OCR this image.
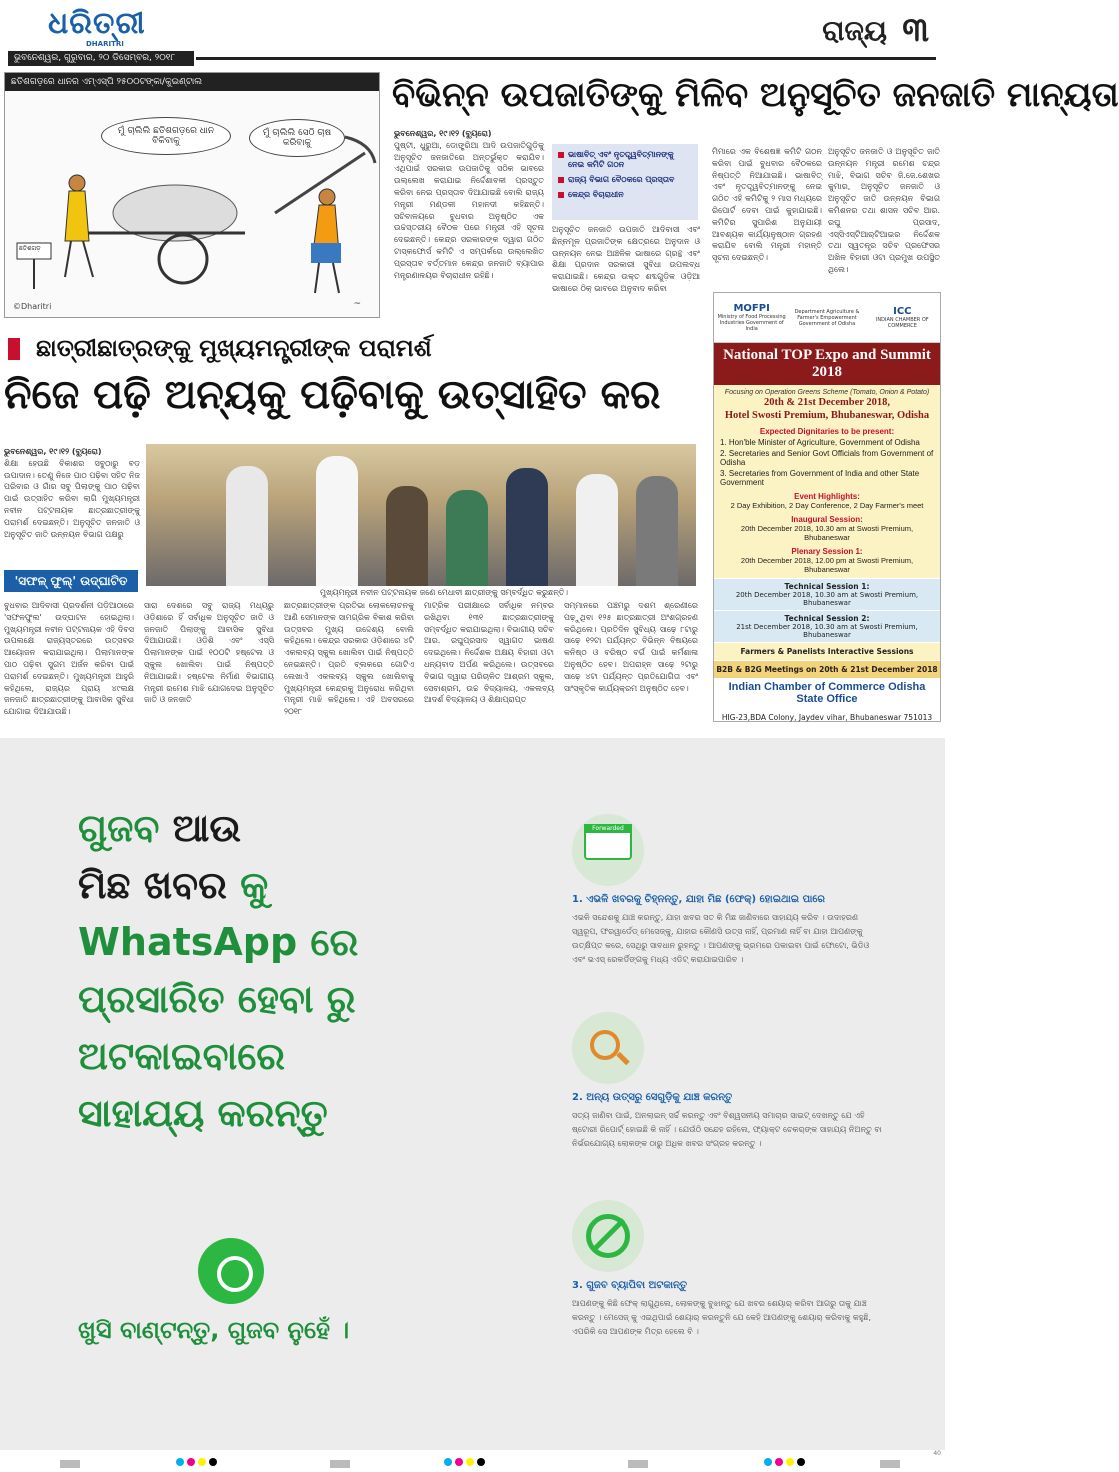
ଧରିତ୍ରୀ
DHARITRI
ଭୁବନେଶ୍ୱର, ଗୁରୁବାର, ୨୦ ଡିସେମ୍ବର, ୨୦୧୮
ରାଜ୍ୟ ୩
ଛତିଶଗଡ଼ରେ ଧାନର ଏମ୍‌ଏସ୍‌ପି ୨୫୦୦ଟଙ୍କା/କୁଇଣ୍ଟାଲ
ମୁଁ ଚାଲିଲି ଛତିଶଗଡ଼ରେ ଧାନ ବିକିବାକୁ
ମୁଁ ଚାଲିଲି ସେଠି ଚାଷ କରିବାକୁ
ଛତିଶଗଡ଼
©Dharitri	~
ବିଭିନ୍ନ ଉପଜାତିଙ୍କୁ ମିଳିବ ଅନୁସୂଚିତ ଜନଜାତି ମାନ୍ୟତା
ଭୁବନେଶ୍ୱର, ୧୯।୧୨ (ବ୍ୟୁରୋ)
ପୁଷ୍ଟୀ, ଧୁରୁଆ, ଡୋଙ୍ଗ୍ରିଆ ଆଦି ଉପଜାତିଗୁଡ଼ିକୁ ଅନୁସୂଚିତ ଜନଜାତିରେ ଅନ୍ତର୍ଭୁକ୍ତ କରାଯିବ। ଏଥିପାଇଁ ସରକାର ଉପଜାତିକୁ ସଠିକ ଭାବରେ ଉଲ୍ଲେଖ କରାଯାଇ ନିର୍ଦ୍ଦେଶାବଳୀ ପ୍ରସ୍ତୁତ କରିବା ନେଇ ପ୍ରସ୍ତାବ ଦିଆଯାଇଛି ବୋଲି ରାଜ୍ୟ ମନ୍ତ୍ରୀ ମଣ୍ଡଳୀ ମହାନଦୀ କହିଛନ୍ତି। ସଚିବାଳୟରେ ବୁଧବାର ଅନୁଷ୍ଠିତ ଏକ ଉଚ୍ଚସ୍ତରୀୟ ବୈଠକ ପରେ ମନ୍ତ୍ରୀ ଏହି ସୂଚନା ଦେଇଛନ୍ତି। କେନ୍ଦ୍ର ସରକାରଙ୍କ ଦ୍ୱାରା ଗଠିତ ଟାସ୍କଫୋର୍ସ କମିଟି ଏ ସମ୍ପର୍କରେ ଉଲ୍ଲେଖିତ ପ୍ରସ୍ତାବ ବର୍ତ୍ତମାନ କେନ୍ଦ୍ର ଜନଜାତି ବ୍ୟାପାର ମନ୍ତ୍ରଣାଳୟର ବିଚାରାଧୀନ ରହିଛି।
ଭାଷାବିତ୍ ଏବଂ ନୃତତ୍ତ୍ୱବିତ୍‌ମାନଙ୍କୁ ନେଇ କମିଟି ଗଠନ
ରାଜ୍ୟ ବିଭାଗ ବୈଠକରେ ପ୍ରସ୍ତାବ
କେନ୍ଦ୍ର ବିଚାରାଧୀନ
ଅନୁସୂଚିତ ଜନଜାତି ଉପଜାତି ଆଦିବାସୀ ଏବଂ ଛିନ୍ନମୂଳ ପ୍ରଜାତିଙ୍କ କ୍ଷେତ୍ରରେ ଅନୁଦାନ ଓ ଉନ୍ନୟନ ନେଇ ଆଞ୍ଚଳିକ ଭାଷାରେ ଗ୍ରନ୍ଥ ଏବଂ ଶିକ୍ଷା ପ୍ରଦାନ ସରକାରୀ ସୁବିଧା ଉପଲବ୍ଧ କରାଯାଇଛି। କେନ୍ଦ୍ର ଉକ୍ତ ଶବ୍ଦଗୁଡ଼ିକ ଓଡ଼ିଆ ଭାଷାରେ ଠିକ୍ ଭାବରେ ଅନୁବାଦ କରିବା
ମିମାରେ ଏକ ବିଶେଷଜ୍ଞ କମିଟି ଗଠନ କରିବା ପାଇଁ ବୁଧବାର ବୈଠକରେ ନିଷ୍ପତ୍ତି ନିଆଯାଇଛି। ଭାଷାବିତ୍ ଏବଂ ନୃତତ୍ତ୍ୱବିତ୍‌ମାନଙ୍କୁ ନେଇ ଗଠିତ ଏହି କମିଟିକୁ ୨ ମାସ ମଧ୍ୟରେ ରିପୋର୍ଟ ଦେବା ପାଇଁ କୁହାଯାଇଛି। କମିଟିର ସୁପାରିଶ ଅନୁଯାୟୀ ଆବଶ୍ୟକ କାର୍ଯ୍ୟାନୁଷ୍ଠାନ ଗ୍ରହଣ କରାଯିବ ବୋଲି ମନ୍ତ୍ରୀ ମହାନ୍ତି ସୂଚନା ଦେଇଛନ୍ତି।
ଅନୁସୂଚିତ ଜନଜାତି ଓ ଅନୁସୂଚିତ ଜାତି ଉନ୍ନୟନ ମନ୍ତ୍ରୀ ରମେଶ ଚନ୍ଦ୍ର ମାଝି, ବିଭାଗ ସଚିବ ଜି.ଜେ.ଶେଖର କୁମାର, ଅନୁସୂଚିତ ଜନଜାତି ଓ ଅନୁସୂଚିତ ଜାତି ଉନ୍ନୟନ ବିଭାଗ କମିଶନର ତଥା ଶାସନ ସଚିବ ଆର. ରଘୁ ପ୍ରସାଦ, ଏସ୍‌ସିଏସ୍‌ଟିଆର୍‌ଟିଆଇର ନିର୍ଦ୍ଦେଶକ ତଥା ସ୍ୱତନ୍ତ୍ର ସଚିବ ପ୍ରଫେସର ଅଖିଳ ବିହାରୀ ଓଟା ପ୍ରମୁଖ ଉପସ୍ଥିତ ଥିଲେ।
MOFPI
Ministry of Food Processing Industries Government of India
Department Agriculture & Farmer's Empowerment
Government of Odisha
ICC
INDIAN CHAMBER OF COMMERCE
National TOP Expo and Summit 2018
Focusing on Operation Greens Scheme (Tomato, Onion & Potato)
20th & 21st December 2018,
Hotel Swosti Premium, Bhubaneswar, Odisha
Expected Dignitaries to be present:
1. Hon'ble Minister of Agriculture, Government of Odisha
2. Secretaries and Senior Govt Officials from Government of Odisha
3. Secretaries from Government of India and other State Government
Event Highlights:
2 Day Exhibition, 2 Day Conference, 2 Day Farmer's meet
Inaugural Session:
20th December 2018, 10.30 am at Swosti Premium, Bhubaneswar
Plenary Session 1:
20th December 2018, 12.00 pm at Swosti Premium, Bhubaneswar
Technical Session 1:
20th December 2018, 10.30 am at Swosti Premium, Bhubaneswar
Technical Session 2:
21st December 2018, 10.30 am at Swosti Premium, Bhubaneswar
Farmers & Panelists Interactive Sessions
B2B & B2G Meetings on 20th & 21st December 2018
Indian Chamber of Commerce Odisha State Office
HIG-23,BDA Colony, Jaydev vihar, Bhubaneswar 751013
ଛାତ୍ରୀଛାତ୍ରଙ୍କୁ ମୁଖ୍ୟମନ୍ତ୍ରୀଙ୍କ ପରାମର୍ଶ
ନିଜେ ପଢ଼ି ଅନ୍ୟକୁ ପଢ଼ିବାକୁ ଉତ୍ସାହିତ କର
ଭୁବନେଶ୍ୱର, ୧୯।୧୨ (ବ୍ୟୁରୋ)
ଶିକ୍ଷା ହେଉଛି ବିକାଶର ସବୁଠାରୁ ବଡ଼ ଉପାଦାନ। ତେଣୁ ନିଜେ ପାଠ ପଢ଼ିବା ସହିତ ନିଜ ପରିବାର ଓ ଗାଁର ସବୁ ପିଲାଙ୍କୁ ପାଠ ପଢ଼ିବା ପାଇଁ ଉତ୍ସାହିତ କରିବା ଲାଗି ମୁଖ୍ୟମନ୍ତ୍ରୀ ନବୀନ ପଟ୍ଟନାୟକ ଛାତ୍ରଛାତ୍ରୀଙ୍କୁ ପରାମର୍ଶ ଦେଇଛନ୍ତି। ଅନୁସୂଚିତ ଜନଜାତି ଓ ଅନୁସୂଚିତ ଜାତି ଉନ୍ନୟନ ବିଭାଗ ପକ୍ଷରୁ
'ସଫଳ୍‌ ଫୁଲ୍' ଉଦ୍‌ଘାଟିତ
ମୁଖ୍ୟମନ୍ତ୍ରୀ ନବୀନ ପଟ୍ଟନାୟକ ଜଣେ ମେଧାବୀ ଛାତ୍ରୀଙ୍କୁ ସମ୍ବର୍ଦ୍ଧିତ କରୁଛନ୍ତି।
ବୁଧବାର ଆଦିବାସୀ ପ୍ରଦର୍ଶନୀ ପଡ଼ିଆଠାରେ 'ସଫଳଫୁଲ' ଉଦ୍‌ଘାଟନ ହୋଇଥିଲା। ମୁଖ୍ୟମନ୍ତ୍ରୀ ନବୀନ ପଟ୍ଟନାୟକ ଏହି ଦିବସ ଉପଲକ୍ଷେ ରାଜ୍ୟସ୍ତରରେ ଉତ୍ସବର ଆୟୋଜନ କରାଯାଇଥିଲା। ପିଲାମାନଙ୍କ ପାଠ ପଢ଼ିବା ସୁଗମ ଅର୍ଜନ କରିବା ପାଇଁ ପରାମର୍ଶ ଦେଇଛନ୍ତି। ମୁଖ୍ୟମନ୍ତ୍ରୀ ଆହୁରି କହିଥିଲେ, ରାଜ୍ୟର ପ୍ରାୟ ୪୯ଲକ୍ଷ ଜନଜାତି ଛାତ୍ରଛାତ୍ରୀଙ୍କୁ ଆବାସିକ ସୁବିଧା ଯୋଗାଇ ଦିଆଯାଉଛି।
ସାରା ଦେଶରେ ସବୁ ରାଜ୍ୟ ମଧ୍ୟରୁ ଓଡ଼ିଶାରେ ହିଁ ସର୍ବାଧିକ ଅନୁସୂଚିତ ଜାତି ଓ ଜନଜାତି ପିଲାଙ୍କୁ ଆବାସିକ ସୁବିଧା ଦିଆଯାଉଛି। ଓଡ଼ିଶି ଏବଂ ଏସ୍‌ସି ପିଲାମାନଙ୍କ ପାଇଁ ୧୦୦ଟି ହଷ୍ଟେଲ ଓ ସ୍କୁଲ ଖୋଲିବା ପାଇଁ ନିଷ୍ପତ୍ତି ନିଆଯାଇଛି। ହଷ୍ଟେଲ ନିର୍ମାଣ ବିଭାଗୀୟ ମନ୍ତ୍ରୀ ରମେଶ ମାଝି ଯୋଗଦେଇ ଅନୁସୂଚିତ ଜାତି ଓ ଜନଜାତି
ଛାତ୍ରଛାତ୍ରୀଙ୍କ ପ୍ରତିଭା ଲୋକଲୋଚନକୁ ଆଣି ସେମାନଙ୍କ ସାମଗ୍ରିକ ବିକାଶ କରିବା ଉତ୍ସବର ମୁଖ୍ୟ ଉଦ୍ଦେଶ୍ୟ ବୋଲି କହିଥିଲେ। କେନ୍ଦ୍ର ସରକାର ଓଡ଼ିଶାରେ ୪ଟି ଏକଲବ୍ୟ ସ୍କୁଲ ଖୋଲିବା ପାଇଁ ନିଷ୍ପତ୍ତି ନେଇଛନ୍ତି। ପ୍ରତି ବ୍ଲକରେ ଗୋଟିଏ ଲେଖାଏଁ ଏକଲବ୍ୟ ସ୍କୁଲ ଖୋଲିବାକୁ ମୁଖ୍ୟମନ୍ତ୍ରୀ କେନ୍ଦ୍ରକୁ ଅନୁରୋଧ କରିଥିବା ମନ୍ତ୍ରୀ ମାଝି କହିଥିଲେ। ଏହି ଅବସରରେ ୨୦୧୮
ମାଟ୍ରିକ ପରୀକ୍ଷାରେ ସର୍ବାଧିକ ନମ୍ବର ରଖିଥିବା ୧୩୧ ଛାତ୍ରଛାତ୍ରୀଙ୍କୁ ସମ୍ବର୍ଦ୍ଧିତ କରାଯାଇଥିଲା। ବିଭାଗୀୟ ସଚିବ ଆର. ରଘୁପ୍ରସାଦ ସ୍ୱାଗତ ଭାଷଣ ଦେଇଥିଲେ। ନିର୍ଦ୍ଦେଶକ ଅକ୍ଷୟ ବିହାରୀ ଓଟା ଧନ୍ୟବାଦ ଅର୍ପଣ କରିଥିଲେ। ଉତ୍ସବରେ ବିଭାଗ ଦ୍ୱାରା ପରିଚାଳିତ ଆଶ୍ରମ ସ୍କୁଲ, ସେବାଶ୍ରମ, ଉଚ୍ଚ ବିଦ୍ୟାଳୟ, ଏକଲବ୍ୟ ଆଦର୍ଶ ବିଦ୍ୟାଳୟ ଓ ଶିକ୍ଷାପ୍ରାପ୍ତ
ସମ୍ମାନରେ ପଞ୍ଚମରୁ ଦଶମ ଶ୍ରେଣୀରେ ପଢ଼ୁଥିବା ୧୨୫ ଛାତ୍ରଛାତ୍ରୀ ଅଂଶଗ୍ରହଣ କରିଥିଲେ। ପ୍ରତିଦିନ ସୁବିଧ୍ୟ ସାଢ଼େ ୮ଟାରୁ ସାଢ଼େ ୧୨ଟା ପର୍ଯ୍ୟନ୍ତ ବିଭିନ୍ନ ବିଷୟରେ କନିଷ୍ଠ ଓ ବରିଷ୍ଠ ବର୍ଗ ପାଇଁ କର୍ମଶାଳା ଅନୁଷ୍ଠିତ ହେବ। ଅପରାହ୍ନ ସାଢ଼େ ୨ଟାରୁ ସାଢ଼େ ୪ଟା ପର୍ଯ୍ୟନ୍ତ ପ୍ରତିଯୋଗିତା ଏବଂ ସାଂସ୍କୃତିକ କାର୍ଯ୍ୟକ୍ରମ ଅନୁଷ୍ଠିତ ହେବ।
ଗୁଜବ ଆଉ
ମିଛ ଖବର କୁ
WhatsApp ରେ
ପ୍ରସାରିତ ହେବା ରୁ
ଅଟକାଇବାରେ
ସାହାଯ୍ୟ କରନ୍ତୁ
ଖୁସି ବାଣ୍ଟନ୍ତୁ, ଗୁଜବ ନୁହେଁ ।
Forwarded
1. ଏଭଳି ଖବରକୁ ଚିହ୍ନନ୍ତୁ, ଯାହା ମିଛ (ଫେକ୍) ହୋଇଥାଇ ପାରେ
ଏଭଳି ସନ୍ଦେଶକୁ ଯାଞ୍ଚ କରନ୍ତୁ, ଯାହା ଖବର ସତ କି ମିଛ ଜାଣିବାରେ ସାହାଯ୍ୟ କରିବ । ଉଦାହରଣ ସ୍ୱରୂପ, ଫରୱାର୍ଡେଡ୍ ମେସେଜ୍‌କୁ, ଯାହାର କୌଣସି ଉତ୍ସ ନାହିଁ, ପ୍ରମାଣ ନାହିଁ ବା ଯାହା ଆପଣଙ୍କୁ ଉତ୍‌କ୍ଷିପ୍ତ କରେ, ସେଥିରୁ ସାବଧାନ ରୁହନ୍ତୁ । ଆପଣଙ୍କୁ ଭ୍ରମରେ ପକାଇବା ପାଇଁ ଫୋଟୋ, ଭିଡିଓ ଏବଂ ଭଏସ୍ ରେକର୍ଡିଙ୍ଗକୁ ମଧ୍ୟ ଏଡିଟ୍ କରାଯାଇପାରିବ ।
2. ଅନ୍ୟ ଉତ୍ସରୁ ସେଗୁଡ଼ିକୁ ଯାଞ୍ଚ କରନ୍ତୁ
ସତ୍ୟ ଜାଣିବା ପାଇଁ, ଅନଲାଇନ୍ ସର୍ଚ୍ଚ କରନ୍ତୁ ଏବଂ ବିଶ୍ୱସନୀୟ ସମାଚାର ସାଇଟ୍ ଦେଖନ୍ତୁ ଯେ ଏହି ଷ୍ଟୋରୀ ରିପୋର୍ଟ୍ ହୋଇଛି କି ନାହିଁ । ଯେଉଁଠି ସନ୍ଦେହ ରହିଲେ, ଫ୍ୟାକ୍ଟ ଚେକର୍‌ଙ୍କ ସାହାଯ୍ୟ ନିଅନ୍ତୁ ବା ନିର୍ଭରଯୋଗ୍ୟ ଲୋକଙ୍କ ଠାରୁ ଅଧିକ ଖବର ସଂଗ୍ରହ କରନ୍ତୁ ।
3. ଗୁଜବ ବ୍ୟାପିବା ଅଟକାନ୍ତୁ
ଆପଣଙ୍କୁ କିଛି ଫେକ୍ ଲାଗୁଥିଲେ, ଲୋକଙ୍କୁ ବୁଝାନ୍ତୁ ଯେ ଖବର ଶେୟାର୍ କରିବା ଆଗରୁ ତାକୁ ଯାଞ୍ଚ କରନ୍ତୁ । ମେସେଜ୍ କୁ ଏଇଥିପାଇଁ ଶେୟାର୍ କରନ୍ତୁନି ଯେ କେହି ଆପଣଙ୍କୁ ଶେୟାର୍ କରିବାକୁ କହୁଛି, ଏପରିକି ସେ ଆପଣଙ୍କ ମିତ୍ର ହେଲେ ବି ।
40
